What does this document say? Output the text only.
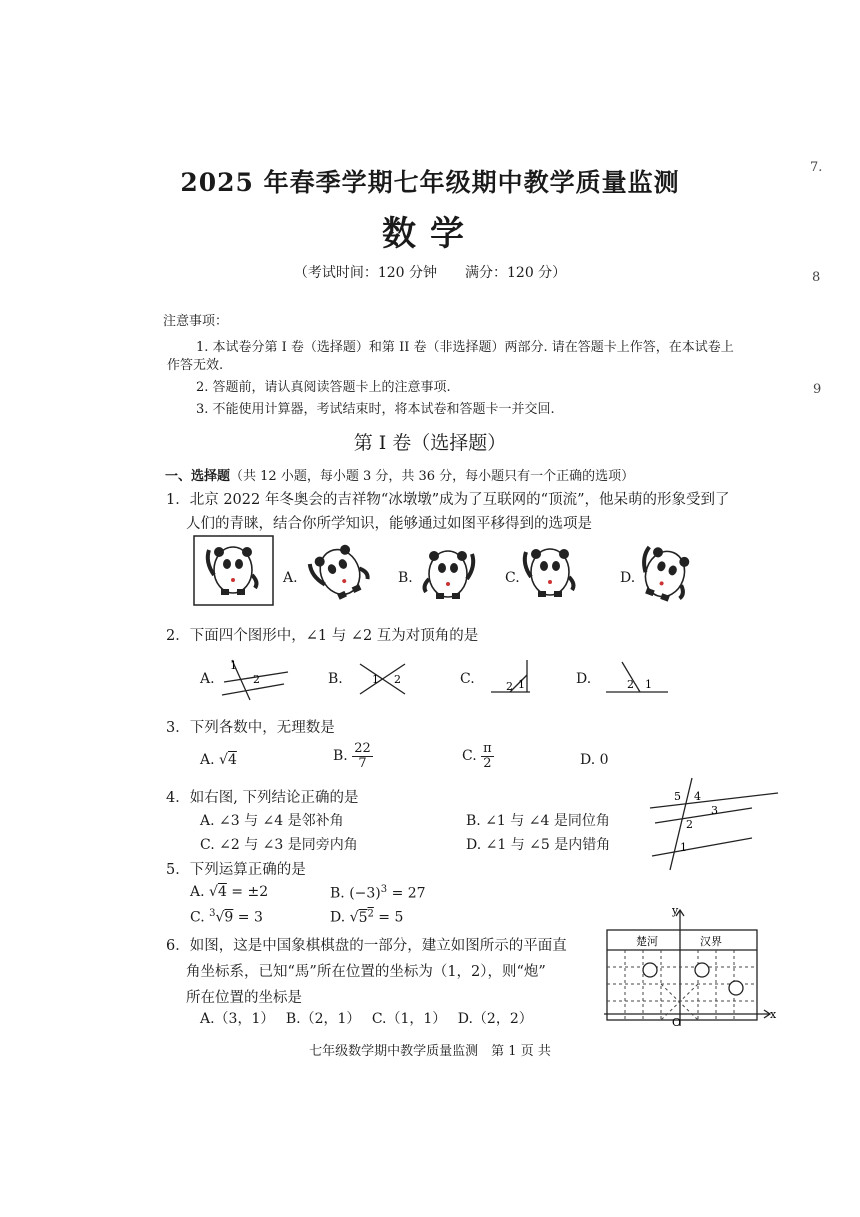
7.
8
9
2025 年春季学期七年级期中教学质量监测
数学
（考试时间：120 分钟　　满分：120 分）
注意事项：
1. 本试卷分第 Ⅰ 卷（选择题）和第 II 卷（非选择题）两部分. 请在答题卡上作答，在本试卷上
作答无效.
2. 答题前，请认真阅读答题卡上的注意事项.
3. 不能使用计算器，考试结束时，将本试卷和答题卡一并交回.
第 Ⅰ 卷（选择题）
一、选择题（共 12 小题，每小题 3 分，共 36 分，每小题只有一个正确的选项）
1．北京 2022 年冬奥会的吉祥物“冰墩墩”成为了互联网的“顶流”，他呆萌的形象受到了
人们的青睐，结合你所学知识，能够通过如图平移得到的选项是
A.	B.	C.	D.
2．下面四个图形中，∠1 与 ∠2 互为对顶角的是
A.	B.	C.	D.
1
2	1 2	1
2	1
2
3．下列各数中，无理数是
A. √4	B. $\frac{22}{7}$	C. $\frac{\pi}{2}$	D. 0
4．如右图, 下列结论正确的是
A. ∠3 与 ∠4 是邻补角	B. ∠1 与 ∠4 是同位角
C. ∠2 与 ∠3 是同旁内角	D. ∠1 与 ∠5 是内错角
5 4
3
2
1
5．下列运算正确的是
A. √4 = ±2	B. $(-3)^3 = 27$
C. $^3$√9 = 3	D. $√5^2 = 5$
6．如图，这是中国象棋棋盘的一部分，建立如图所示的平面直
角坐标系，已知“馬”所在位置的坐标为（1，2），则“炮”
所在位置的坐标是
A.（3，1）　 B.（2，1）　 C.（1，1）　 D.（2，2）
楚河	汉界
x
y
O
七年级数学期中教学质量监测　第 1 页 共
